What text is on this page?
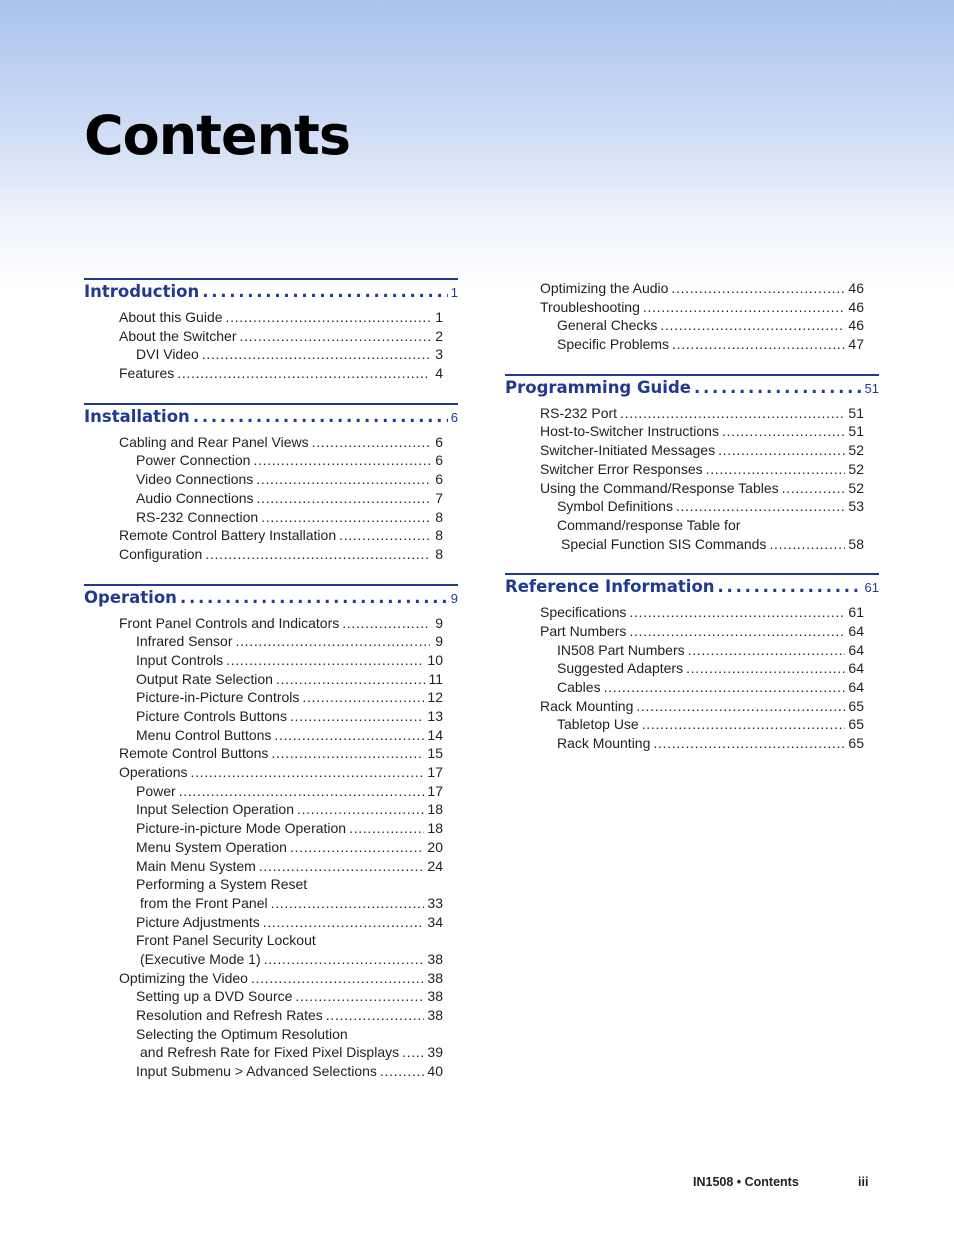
Contents
Introduction . . .	1
About this Guide . . .	1
About the Switcher . . .	2
DVI Video . . .	3
Features . . .	4
Installation . . .	6
Cabling and Rear Panel Views . . .	6
Power Connection . . .	6
Video Connections . . .	6
Audio Connections . . .	7
RS-232 Connection . . .	8
Remote Control Battery Installation . . .	8
Configuration . . .	8
Operation . . .	9
Front Panel Controls and Indicators . . .	9
Infrared Sensor . . .	9
Input Controls . . .	10
Output Rate Selection . . .	11
Picture-in-Picture Controls . . .	12
Picture Controls Buttons . . .	13
Menu Control Buttons . . .	14
Remote Control Buttons . . .	15
Operations . . .	17
Power . . .	17
Input Selection Operation . . .	18
Picture-in-picture Mode Operation . . .	18
Menu System Operation . . .	20
Main Menu System . . .	24
Performing a System Reset
from the Front Panel . . .	33
Picture Adjustments . . .	34
Front Panel Security Lockout
(Executive Mode 1) . . .	38
Optimizing the Video . . .	38
Setting up a DVD Source . . .	38
Resolution and Refresh Rates . . .	38
Selecting the Optimum Resolution
and Refresh Rate for Fixed Pixel Displays . . . 39
Input Submenu > Advanced Selections . . .	40
Optimizing the Audio . . .	46
Troubleshooting . . .	46
General Checks . . .	46
Specific Problems . . .	47
Programming Guide . . .	51
RS-232 Port . . .	51
Host-to-Switcher Instructions . . .	51
Switcher-Initiated Messages . . .	52
Switcher Error Responses . . .	52
Using the Command/Response Tables . . .	52
Symbol Definitions . . .	53
Command/response Table for
Special Function SIS Commands . . .	58
Reference Information . . .	61
Specifications . . .	61
Part Numbers . . .	64
IN508 Part Numbers . . .	64
Suggested Adapters . . .	64
Cables . . .	64
Rack Mounting . . .	65
Tabletop Use . . .	65
Rack Mounting . . .	65
IN1508 • Contents	iii
